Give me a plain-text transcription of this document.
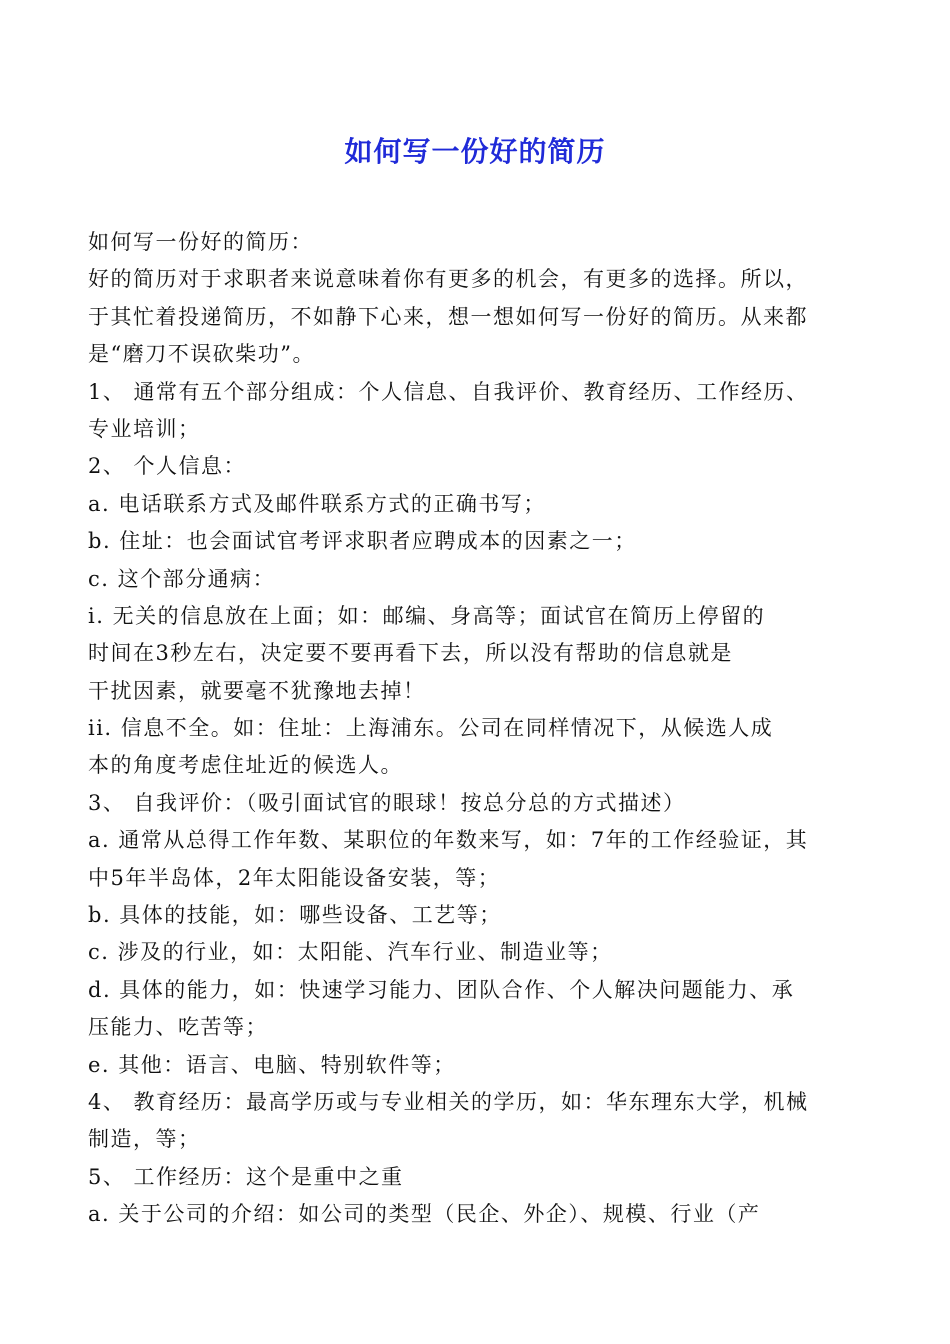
如何写一份好的简历
如何写一份好的简历：
好的简历对于求职者来说意味着你有更多的机会，有更多的选择。所以，
于其忙着投递简历，不如静下心来，想一想如何写一份好的简历。从来都
是“磨刀不误砍柴功”。
1、 通常有五个部分组成：个人信息、自我评价、教育经历、工作经历、
专业培训；
2、 个人信息：
a. 电话联系方式及邮件联系方式的正确书写；
b. 住址：也会面试官考评求职者应聘成本的因素之一；
c. 这个部分通病：
i. 无关的信息放在上面；如：邮编、身高等；面试官在简历上停留的
时间在3秒左右，决定要不要再看下去，所以没有帮助的信息就是
干扰因素，就要毫不犹豫地去掉！
ii. 信息不全。如：住址：上海浦东。公司在同样情况下，从候选人成
本的角度考虑住址近的候选人。
3、 自我评价：（吸引面试官的眼球！按总分总的方式描述）
a. 通常从总得工作年数、某职位的年数来写，如：7年的工作经验证，其
中5年半岛体，2年太阳能设备安装，等；
b. 具体的技能，如：哪些设备、工艺等；
c. 涉及的行业，如：太阳能、汽车行业、制造业等；
d. 具体的能力，如：快速学习能力、团队合作、个人解决问题能力、承
压能力、吃苦等；
e. 其他：语言、电脑、特别软件等；
4、 教育经历：最高学历或与专业相关的学历，如：华东理东大学，机械
制造，等；
5、 工作经历：这个是重中之重
a. 关于公司的介绍：如公司的类型（民企、外企）、规模、行业（产
